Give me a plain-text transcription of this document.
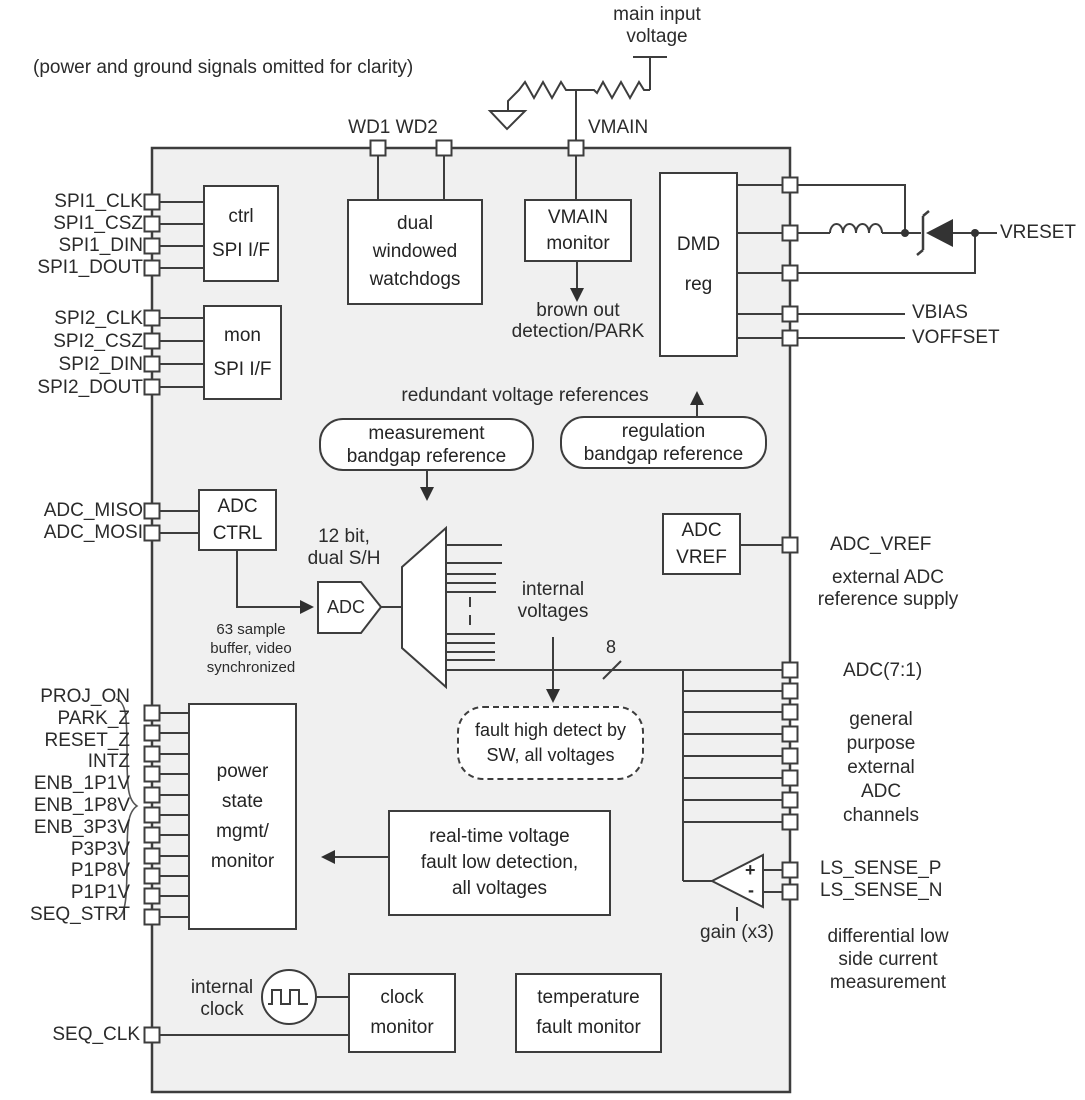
ctrl
SPI I/F
mon
SPI I/F
dual
windowed
watchdogs
VMAIN
monitor	DMD
reg
measurement
bandgap reference
regulation
bandgap reference
ADC
CTRL	ADC
VREF
fault high detect by
SW, all voltages
power
state
mgmt/
monitor
real-time voltage
fault low detection,
all voltages
clock
monitor
temperature
fault monitor
(power and ground signals omitted for clarity)
main input
voltage
WD1 WD2	VMAIN
SPI1_CLK
SPI1_CSZ
SPI1_DIN
SPI1_DOUT
SPI2_CLK
SPI2_CSZ
SPI2_DIN
SPI2_DOUT
ADC_MISO
ADC_MOSI
PROJ_ON
PARK_Z
RESET_Z
INTZ
ENB_1P1V
ENB_1P8V
ENB_3P3V
P3P3V
P1P8V
P1P1V
SEQ_STRT
SEQ_CLK
VRESET
VBIAS
VOFFSET
ADC_VREF
ADC(7:1)
LS_SENSE_P
LS_SENSE_N
brown out
detection/PARK
redundant voltage references
12 bit,
dual S/H
63 sample
buffer, video
synchronized
ADC
internal
voltages
8
external ADC
reference supply
general
purpose
external
ADC
channels
gain (x3)
+
-
differential low
side current
measurement
internal
clock
